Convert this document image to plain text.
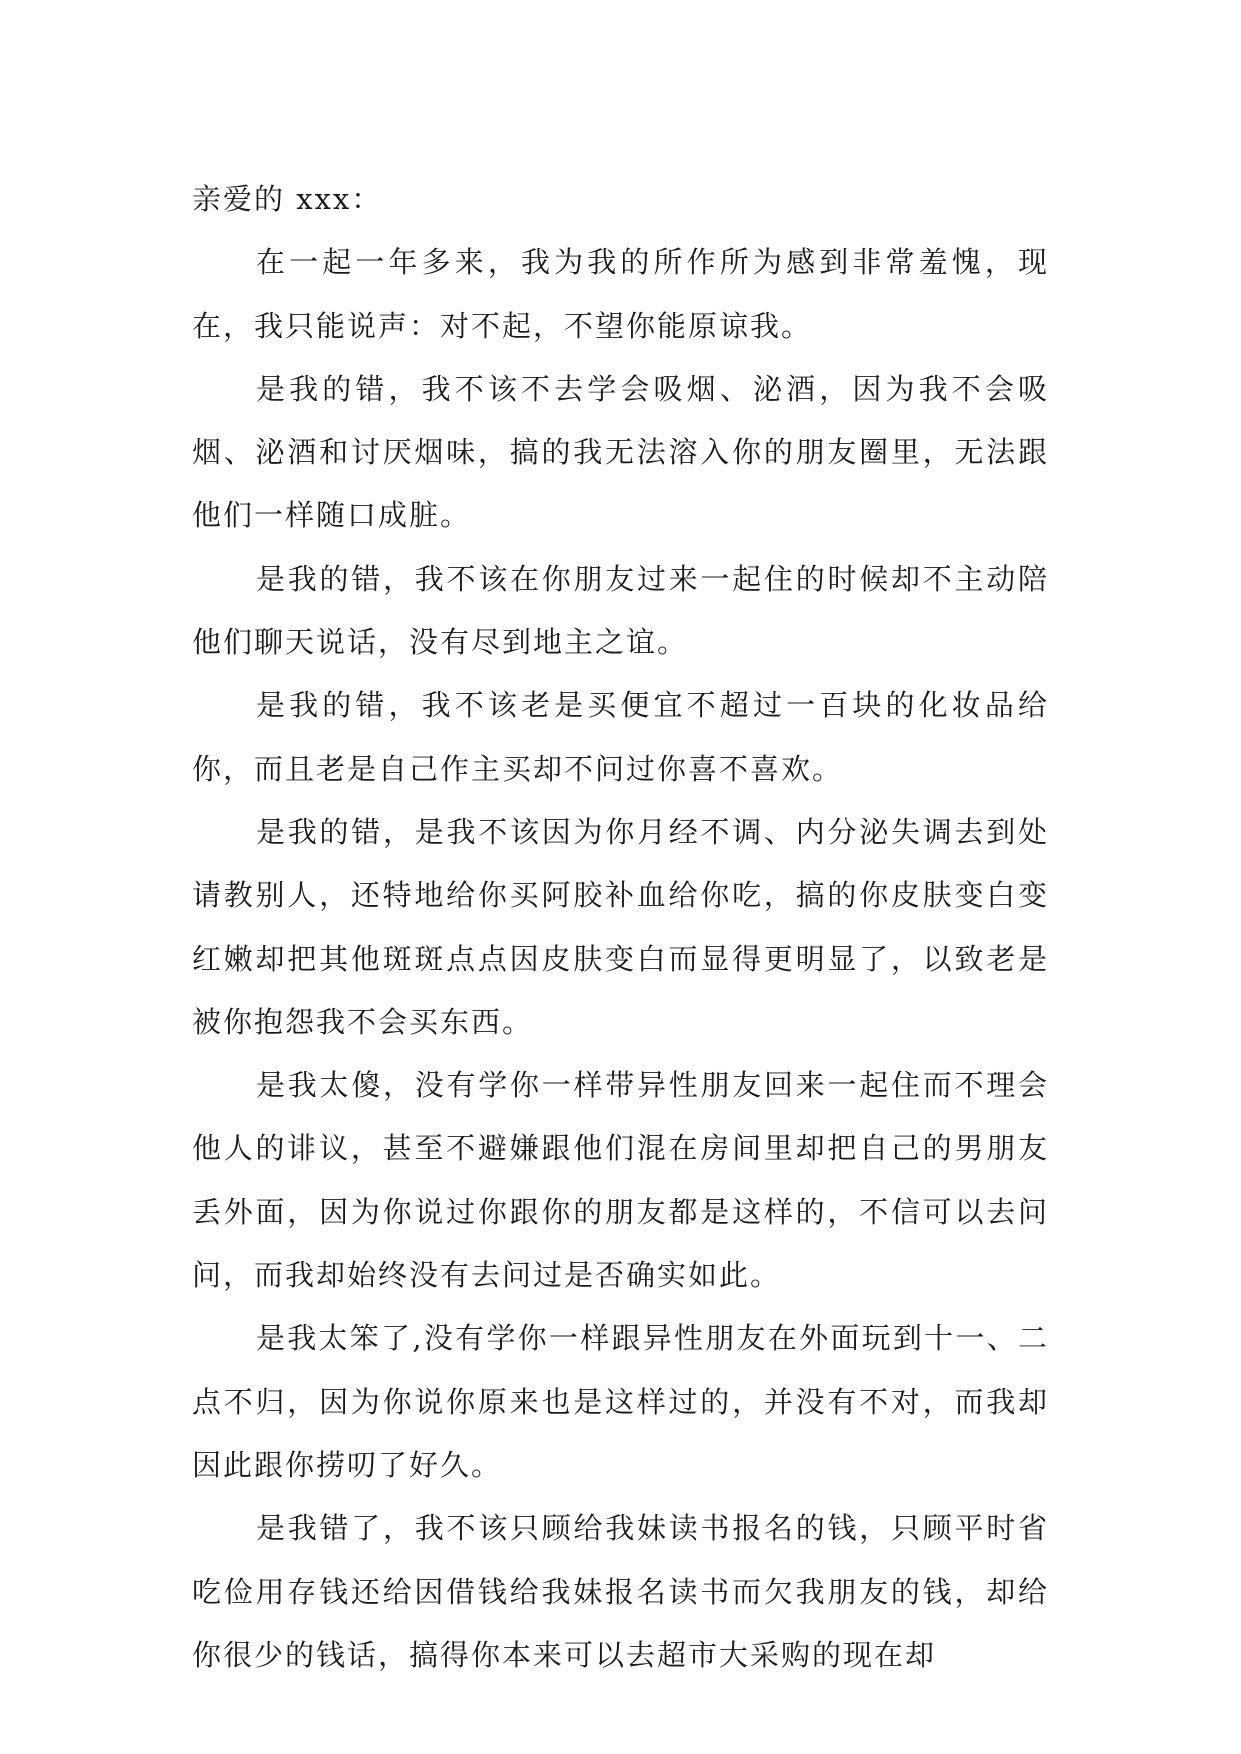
亲爱的 xxx：

在一起一年多来，我为我的所作所为感到非常羞愧，现在，我只能说声：对不起，不望你能原谅我。

是我的错，我不该不去学会吸烟、泌酒，因为我不会吸烟、泌酒和讨厌烟味，搞的我无法溶入你的朋友圈里，无法跟他们一样随口成脏。

是我的错，我不该在你朋友过来一起住的时候却不主动陪他们聊天说话，没有尽到地主之谊。

是我的错，我不该老是买便宜不超过一百块的化妆品给你，而且老是自己作主买却不问过你喜不喜欢。

是我的错，是我不该因为你月经不调、内分泌失调去到处请教别人，还特地给你买阿胶补血给你吃，搞的你皮肤变白变红嫩却把其他斑斑点点因皮肤变白而显得更明显了，以致老是被你抱怨我不会买东西。

是我太傻，没有学你一样带异性朋友回来一起住而不理会他人的诽议，甚至不避嫌跟他们混在房间里却把自己的男朋友丢外面，因为你说过你跟你的朋友都是这样的，不信可以去问问，而我却始终没有去问过是否确实如此。

是我太笨了,没有学你一样跟异性朋友在外面玩到十一、二点不归，因为你说你原来也是这样过的，并没有不对，而我却因此跟你捞叨了好久。

是我错了，我不该只顾给我妹读书报名的钱，只顾平时省吃俭用存钱还给因借钱给我妹报名读书而欠我朋友的钱，却给你很少的钱话，搞得你本来可以去超市大采购的现在却
